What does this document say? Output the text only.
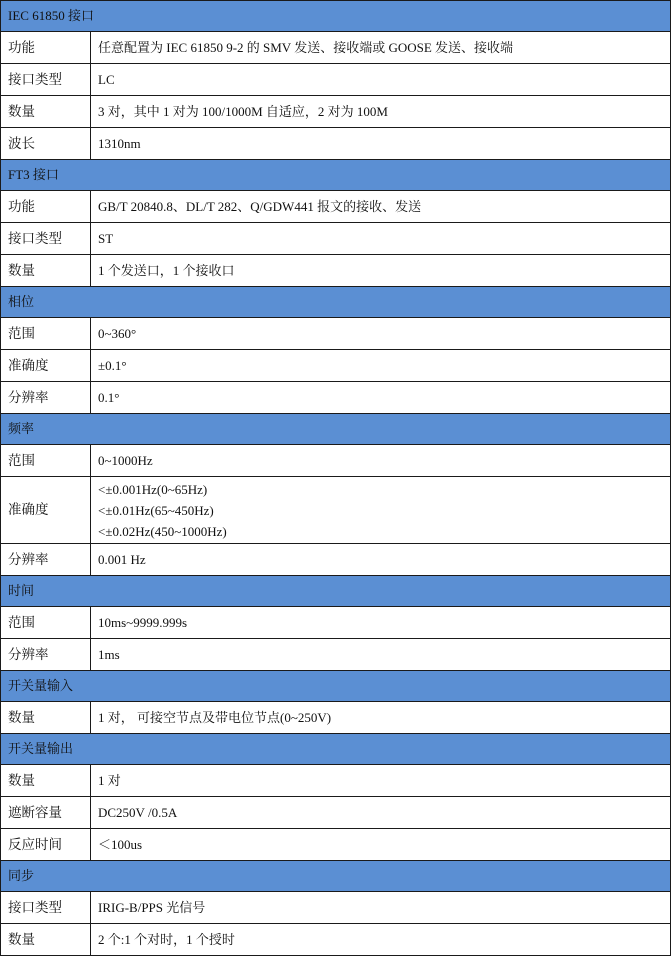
IEC 61850 接口	
功能	任意配置为 IEC 61850 9-2 的 SMV 发送、接收端或 GOOSE 发送、接收端
接口类型	LC
数量	3 对，其中 1 对为 100/1000M 自适应，2 对为 100M
波长	1310nm
FT3 接口	
功能	GB/T 20840.8、DL/T 282、Q/GDW441 报文的接收、发送
接口类型	ST
数量	1 个发送口，1 个接收口
相位	
范围	0~360°
准确度	±0.1°
分辨率	0.1°
频率	
范围	0~1000Hz
准确度	<±0.001Hz(0~65Hz)
<±0.01Hz(65~450Hz)
<±0.02Hz(450~1000Hz)

分辨率	0.001 Hz
时间	
范围	10ms~9999.999s
分辨率	1ms
开关量输入	
数量	1 对， 可接空节点及带电位节点(0~250V)
开关量输出	
数量	1 对
遮断容量	DC250V /0.5A
反应时间	＜100us
同步	
接口类型	IRIG-B/PPS 光信号
数量	2 个:1 个对时，1 个授时
